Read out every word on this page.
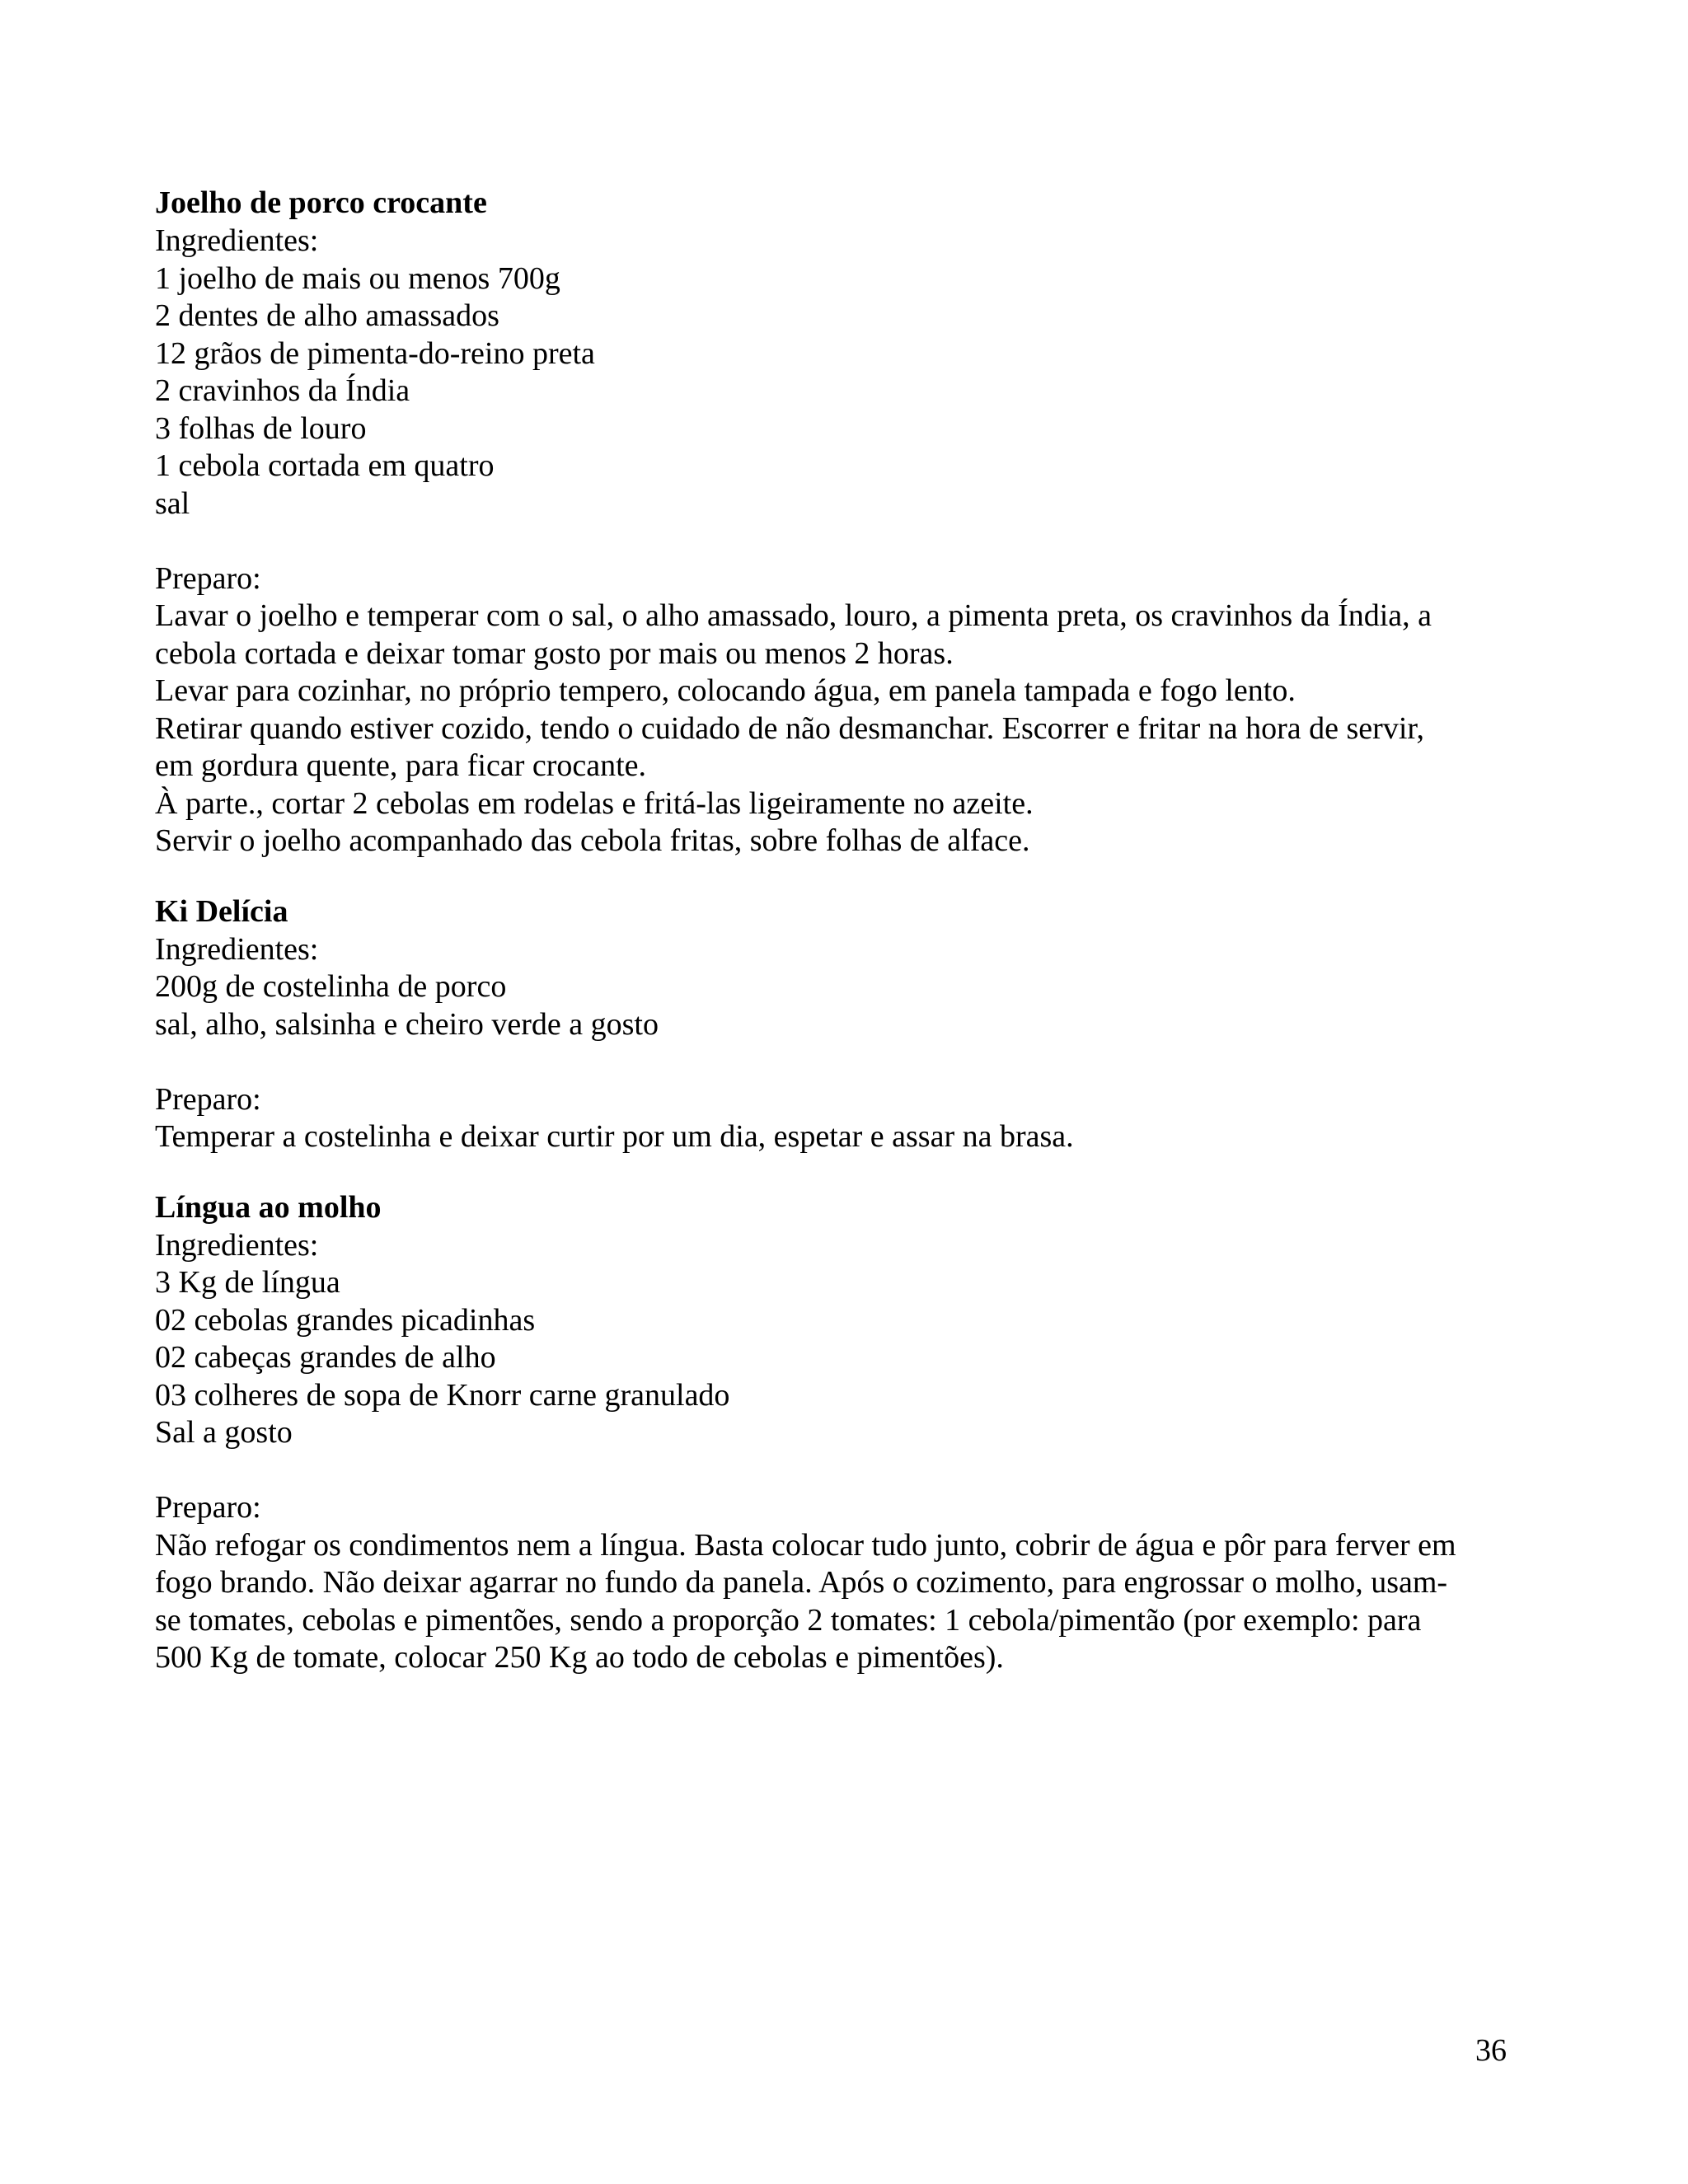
Joelho de porco crocante

Ingredientes:

1 joelho de mais ou menos 700g

2 dentes de alho amassados

12 grãos de pimenta-do-reino preta

2 cravinhos da Índia

3 folhas de louro

1 cebola cortada em quatro

sal

Preparo:

Lavar o joelho e temperar com o sal, o alho amassado, louro, a pimenta preta, os cravinhos da Índia, a

cebola cortada e deixar tomar gosto por mais ou menos 2 horas.

Levar para cozinhar, no próprio tempero, colocando água, em panela tampada e fogo lento.

Retirar quando estiver cozido, tendo o cuidado de não desmanchar. Escorrer e fritar na hora de servir,

em gordura quente, para ficar crocante.

À parte., cortar 2 cebolas em rodelas e fritá-las ligeiramente no azeite.

Servir o joelho acompanhado das cebola fritas, sobre folhas de alface.

Ki Delícia

Ingredientes:

200g de costelinha de porco

sal, alho, salsinha e cheiro verde a gosto

Preparo:

Temperar a costelinha e deixar curtir por um dia, espetar e assar na brasa.

Língua ao molho

Ingredientes:

3 Kg de língua

02 cebolas grandes picadinhas

02 cabeças grandes de alho

03 colheres de sopa de Knorr carne granulado

Sal a gosto

Preparo:

Não refogar os condimentos nem a língua. Basta colocar tudo junto, cobrir de água e pôr para ferver em

fogo brando. Não deixar agarrar no fundo da panela. Após o cozimento, para engrossar o molho, usam-

se tomates, cebolas e pimentões, sendo a proporção 2 tomates: 1 cebola/pimentão (por exemplo: para

500 Kg de tomate, colocar 250 Kg ao todo de cebolas e pimentões).

36
